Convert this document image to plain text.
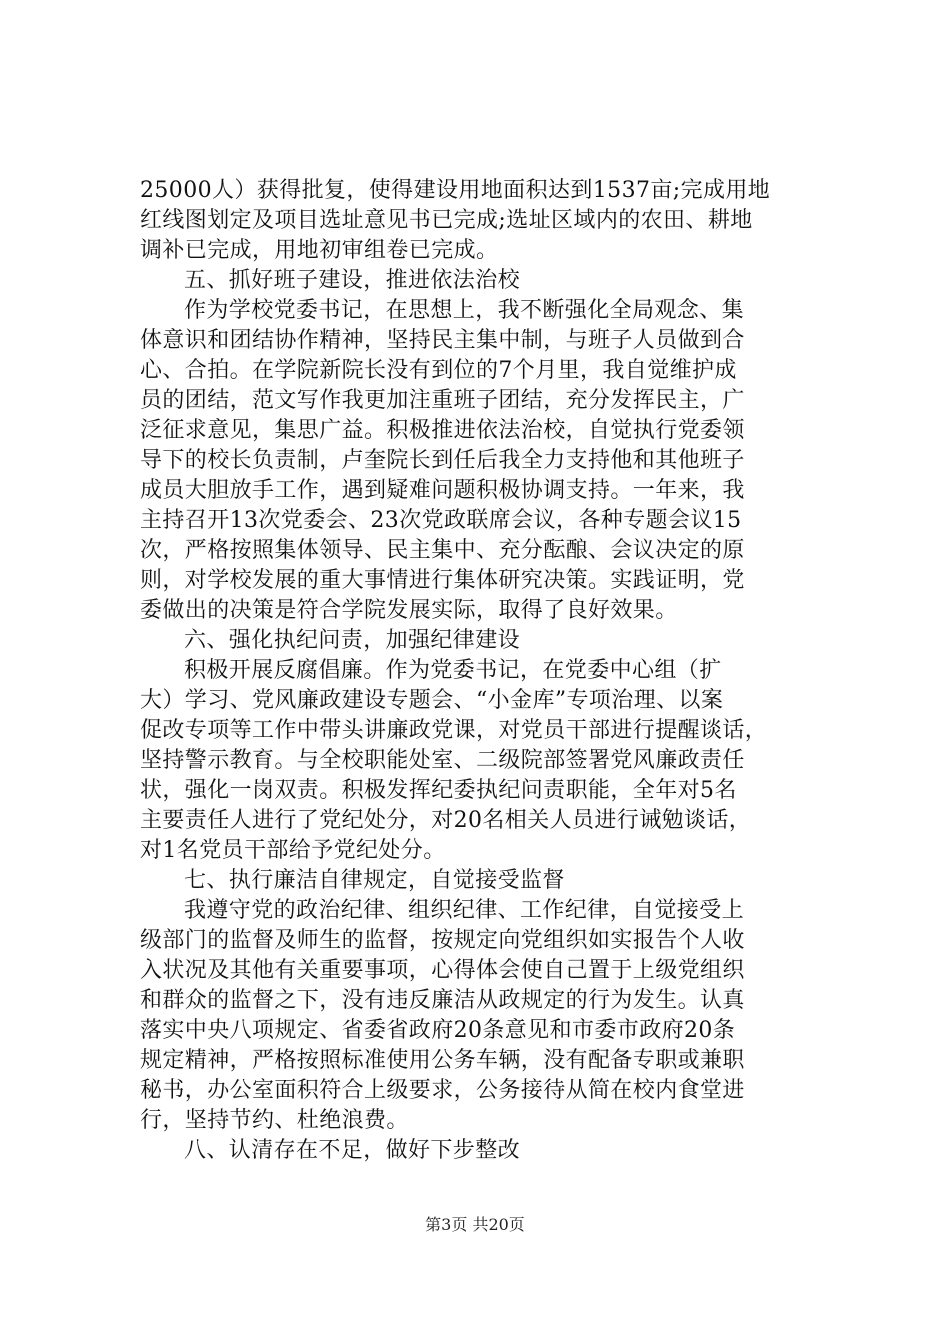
25000人）获得批复，使得建设用地面积达到1537亩;完成用地
红线图划定及项目选址意见书已完成;选址区域内的农田、耕地
调补已完成，用地初审组卷已完成。
五、抓好班子建设，推进依法治校
作为学校党委书记，在思想上，我不断强化全局观念、集
体意识和团结协作精神，坚持民主集中制，与班子人员做到合
心、合拍。在学院新院长没有到位的7个月里，我自觉维护成
员的团结，范文写作我更加注重班子团结，充分发挥民主，广
泛征求意见，集思广益。积极推进依法治校，自觉执行党委领
导下的校长负责制，卢奎院长到任后我全力支持他和其他班子
成员大胆放手工作，遇到疑难问题积极协调支持。一年来，我
主持召开13次党委会、23次党政联席会议，各种专题会议15
次，严格按照集体领导、民主集中、充分酝酿、会议决定的原
则，对学校发展的重大事情进行集体研究决策。实践证明，党
委做出的决策是符合学院发展实际，取得了良好效果。
六、强化执纪问责，加强纪律建设
积极开展反腐倡廉。作为党委书记，在党委中心组（扩
大）学习、党风廉政建设专题会、“小金库”专项治理、以案
促改专项等工作中带头讲廉政党课，对党员干部进行提醒谈话，
坚持警示教育。与全校职能处室、二级院部签署党风廉政责任
状，强化一岗双责。积极发挥纪委执纪问责职能，全年对5名
主要责任人进行了党纪处分，对20名相关人员进行诫勉谈话，
对1名党员干部给予党纪处分。
七、执行廉洁自律规定，自觉接受监督
我遵守党的政治纪律、组织纪律、工作纪律，自觉接受上
级部门的监督及师生的监督，按规定向党组织如实报告个人收
入状况及其他有关重要事项，心得体会使自己置于上级党组织
和群众的监督之下，没有违反廉洁从政规定的行为发生。认真
落实中央八项规定、省委省政府20条意见和市委市政府20条
规定精神，严格按照标准使用公务车辆，没有配备专职或兼职
秘书，办公室面积符合上级要求，公务接待从简在校内食堂进
行，坚持节约、杜绝浪费。
八、认清存在不足，做好下步整改
第3页 共20页
